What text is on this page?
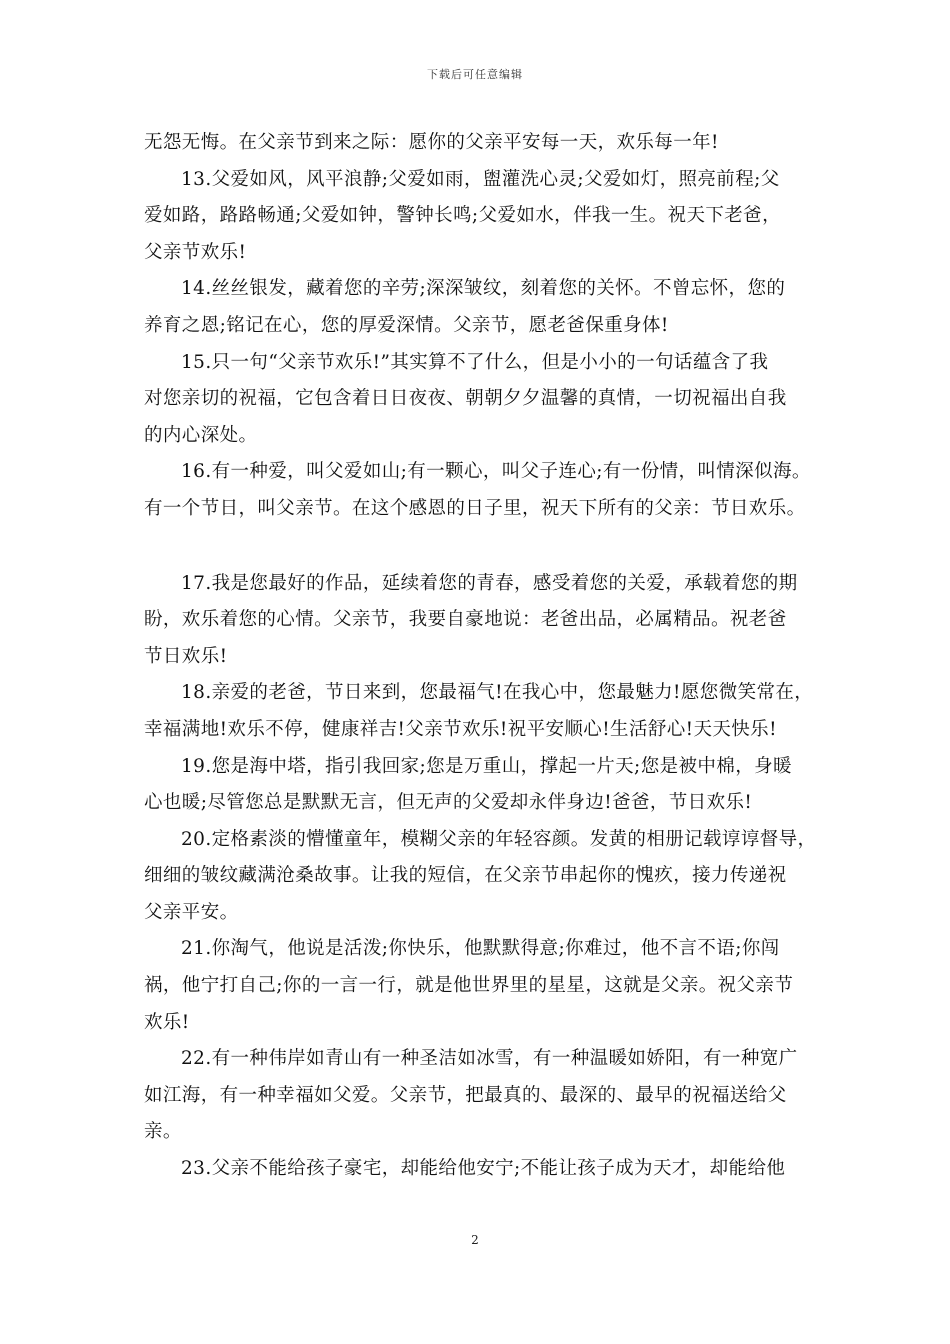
下载后可任意编辑
无怨无悔。在父亲节到来之际：愿你的父亲平安每一天，欢乐每一年!
13.父爱如风，风平浪静;父爱如雨，盥灌洗心灵;父爱如灯，照亮前程;父
爱如路，路路畅通;父爱如钟，警钟长鸣;父爱如水，伴我一生。祝天下老爸，
父亲节欢乐!
14.丝丝银发，藏着您的辛劳;深深皱纹，刻着您的关怀。不曾忘怀，您的
养育之恩;铭记在心，您的厚爱深情。父亲节，愿老爸保重身体!
15.只一句“父亲节欢乐!”其实算不了什么，但是小小的一句话蕴含了我
对您亲切的祝福，它包含着日日夜夜、朝朝夕夕温馨的真情，一切祝福出自我
的内心深处。
16.有一种爱，叫父爱如山;有一颗心，叫父子连心;有一份情，叫情深似海。
有一个节日，叫父亲节。在这个感恩的日子里，祝天下所有的父亲：节日欢乐。
17.我是您最好的作品，延续着您的青春，感受着您的关爱，承载着您的期
盼，欢乐着您的心情。父亲节，我要自豪地说：老爸出品，必属精品。祝老爸
节日欢乐!
18.亲爱的老爸，节日来到，您最福气!在我心中，您最魅力!愿您微笑常在，
幸福满地!欢乐不停，健康祥吉!父亲节欢乐!祝平安顺心!生活舒心!天天快乐!
19.您是海中塔，指引我回家;您是万重山，撑起一片天;您是被中棉，身暖
心也暖;尽管您总是默默无言，但无声的父爱却永伴身边!爸爸，节日欢乐!
20.定格素淡的懵懂童年，模糊父亲的年轻容颜。发黄的相册记载谆谆督导，
细细的皱纹藏满沧桑故事。让我的短信，在父亲节串起你的愧疚，接力传递祝
父亲平安。
21.你淘气，他说是活泼;你快乐，他默默得意;你难过，他不言不语;你闯
祸，他宁打自己;你的一言一行，就是他世界里的星星，这就是父亲。祝父亲节
欢乐!
22.有一种伟岸如青山有一种圣洁如冰雪，有一种温暖如娇阳，有一种宽广
如江海，有一种幸福如父爱。父亲节，把最真的、最深的、最早的祝福送给父
亲。
23.父亲不能给孩子豪宅，却能给他安宁;不能让孩子成为天才，却能给他
2
